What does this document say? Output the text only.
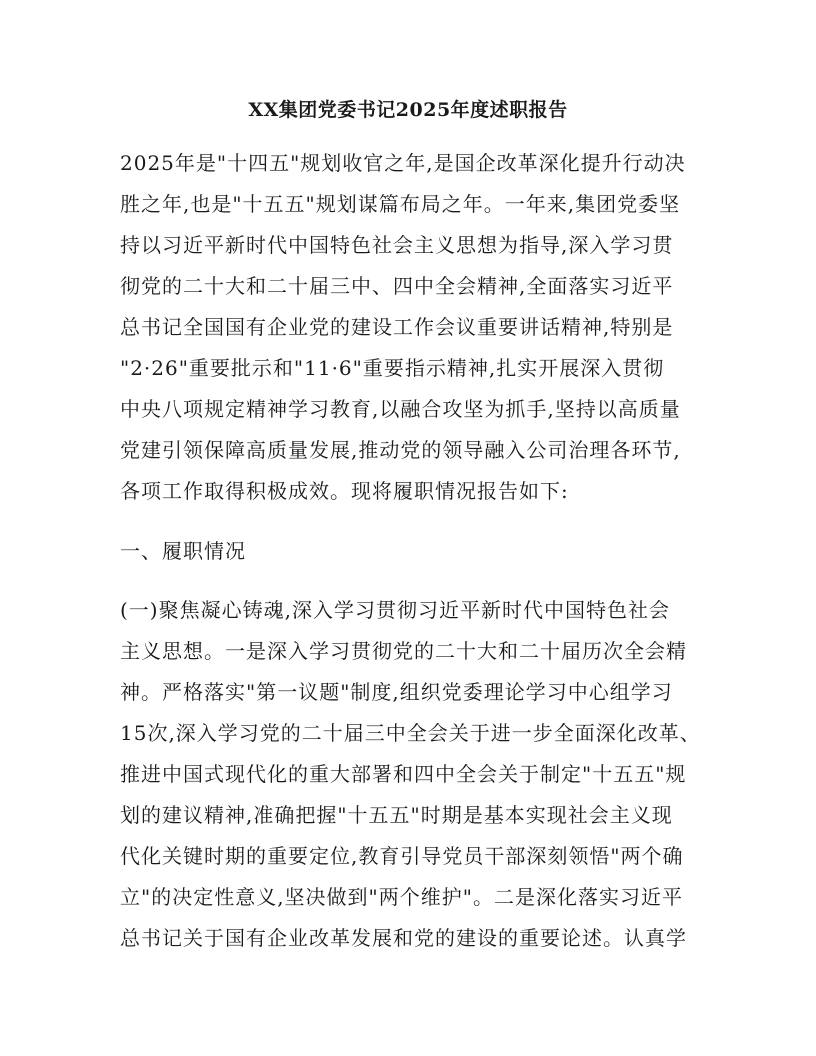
XX集团党委书记2025年度述职报告
2025年是"十四五"规划收官之年,是国企改革深化提升行动决
胜之年,也是"十五五"规划谋篇布局之年。一年来,集团党委坚
持以习近平新时代中国特色社会主义思想为指导,深入学习贯
彻党的二十大和二十届三中、四中全会精神,全面落实习近平
总书记全国国有企业党的建设工作会议重要讲话精神,特别是
"2·26"重要批示和"11·6"重要指示精神,扎实开展深入贯彻
中央八项规定精神学习教育,以融合攻坚为抓手,坚持以高质量
党建引领保障高质量发展,推动党的领导融入公司治理各环节,
各项工作取得积极成效。现将履职情况报告如下:
一、履职情况
(一)聚焦凝心铸魂,深入学习贯彻习近平新时代中国特色社会
主义思想。一是深入学习贯彻党的二十大和二十届历次全会精
神。严格落实"第一议题"制度,组织党委理论学习中心组学习
15次,深入学习党的二十届三中全会关于进一步全面深化改革、
推进中国式现代化的重大部署和四中全会关于制定"十五五"规
划的建议精神,准确把握"十五五"时期是基本实现社会主义现
代化关键时期的重要定位,教育引导党员干部深刻领悟"两个确
立"的决定性意义,坚决做到"两个维护"。二是深化落实习近平
总书记关于国有企业改革发展和党的建设的重要论述。认真学
